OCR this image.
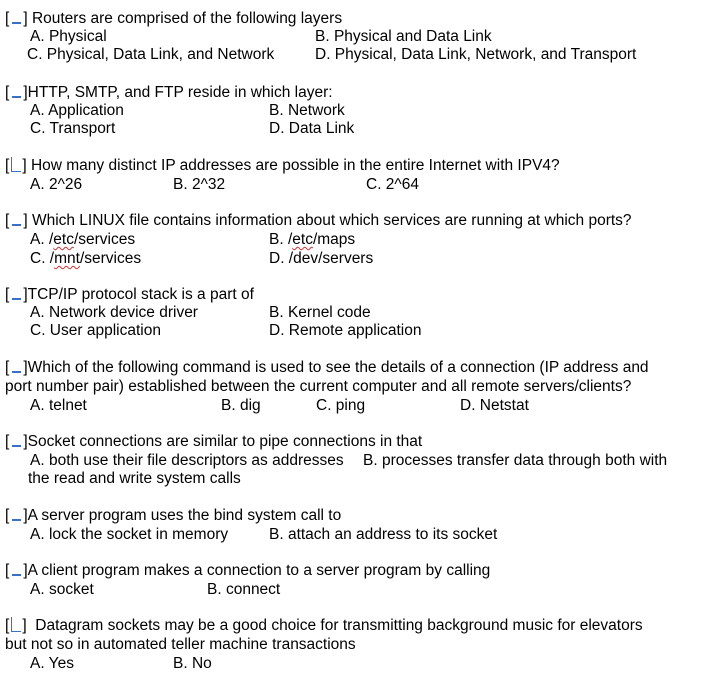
[ ] Routers are comprised of the following layers
A. Physical	B. Physical and Data Link
C. Physical, Data Link, and Network	D. Physical, Data Link, Network, and Transport
[ ]HTTP, SMTP, and FTP reside in which layer:
A. Application	B. Network
C. Transport	D. Data Link
[ ] How many distinct IP addresses are possible in the entire Internet with IPV4?
A. 2^26	B. 2^32	C. 2^64
[ ] Which LINUX file contains information about which services are running at which ports?
A. /etc/services	B. /etc/maps
C. /mnt/services	D. /dev/servers
[ ]TCP/IP protocol stack is a part of
A. Network device driver	B. Kernel code
C. User application	D. Remote application
[ ]Which of the following command is used to see the details of a connection (IP address and
port number pair) established between the current computer and all remote servers/clients?
A. telnet	B. dig	C. ping	D. Netstat
[ ]Socket connections are similar to pipe connections in that
A. both use their file descriptors as addresses B. processes transfer data through both with
the read and write system calls
[ ]A server program uses the bind system call to
A. lock the socket in memory	B. attach an address to its socket
[ ]A client program makes a connection to a server program by calling
A. socket	B. connect
[ ] Datagram sockets may be a good choice for transmitting background music for elevators
but not so in automated teller machine transactions
A. Yes	B. No
